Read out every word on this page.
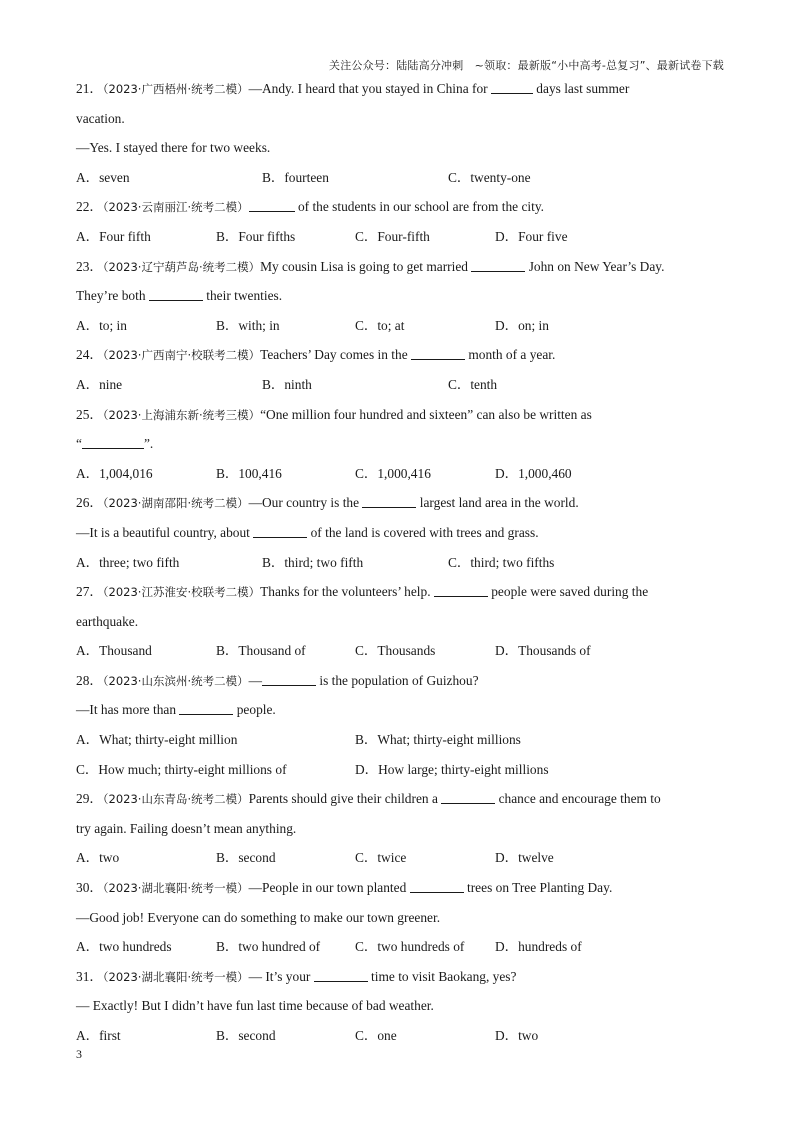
关注公众号：陆陆高分冲刺　~领取：最新版“小中高考-总复习”、最新试卷下载
21．（2023·广西梧州·统考二模）—Andy. I heard that you stayed in China for	days last summer
vacation.
—Yes. I stayed there for two weeks.
A．seven	B．fourteen	C．twenty-one
22．（2023·云南丽江·统考二模）	of the students in our school are from the city.
A．Four fifth	B．Four fifths	C．Four-fifth	D．Four five
23．（2023·辽宁葫芦岛·统考二模）My cousin Lisa is going to get married	John on New Year’s Day.
They’re both	their twenties.
A．to; in	B．with; in	C．to; at	D．on; in
24．（2023·广西南宁·校联考二模）Teachers’ Day comes in the	month of a year.
A．nine	B．ninth	C．tenth
25．（2023·上海浦东新·统考三模）“One million four hundred and sixteen” can also be written as
“	”.
A．1,004,016	B．100,416	C．1,000,416	D．1,000,460
26．（2023·湖南邵阳·统考二模）—Our country is the	largest land area in the world.
—It is a beautiful country, about	of the land is covered with trees and grass.
A．three; two fifth	B．third; two fifth	C．third; two fifths
27．（2023·江苏淮安·校联考二模）Thanks for the volunteers’ help.	people were saved during the
earthquake.
A．Thousand	B．Thousand of	C．Thousands	D．Thousands of
28．（2023·山东滨州·统考二模）—	is the population of Guizhou?
—It has more than	people.
A．What; thirty-eight million	B．What; thirty-eight millions
C．How much; thirty-eight millions of	D．How large; thirty-eight millions
29．（2023·山东青岛·统考二模）Parents should give their children a	chance and encourage them to
try again. Failing doesn’t mean anything.
A．two	B．second	C．twice	D．twelve
30．（2023·湖北襄阳·统考一模）—People in our town planted	trees on Tree Planting Day.
—Good job! Everyone can do something to make our town greener.
A．two hundreds	B．two hundred of	C．two hundreds of D．hundreds of
31．（2023·湖北襄阳·统考一模）— It’s your	time to visit Baokang, yes?
— Exactly! But I didn’t have fun last time because of bad weather.
A．first	B．second	C．one	D．two
3
